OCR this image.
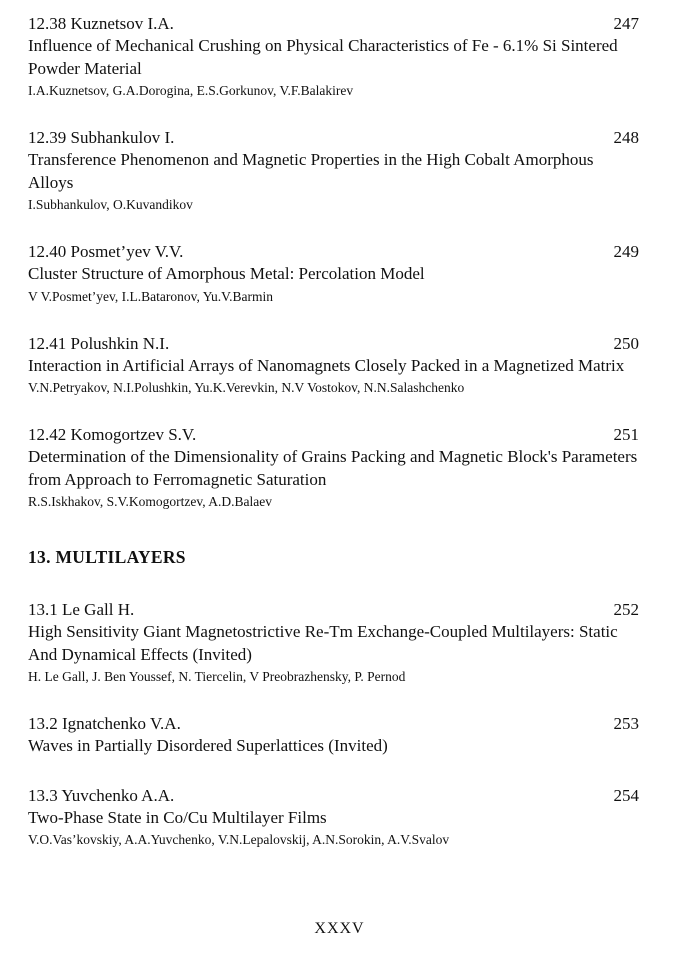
12.38 Kuznetsov I.A.	247
Influence of Mechanical Crushing on Physical Characteristics of Fe - 6.1% Si Sintered Powder Material
I.A.Kuznetsov, G.A.Dorogina, E.S.Gorkunov, V.F.Balakirev
12.39 Subhankulov I.	248
Transference Phenomenon and Magnetic Properties in the High Cobalt Amorphous Alloys
I.Subhankulov, O.Kuvandikov
12.40 Posmet’yev V.V.	249
Cluster Structure of Amorphous Metal: Percolation Model
V V.Posmet’yev, I.L.Bataronov, Yu.V.Barmin
12.41 Polushkin N.I.	250
Interaction in Artificial Arrays of Nanomagnets Closely Packed in a Magnetized Matrix
V.N.Petryakov, N.I.Polushkin, Yu.K.Verevkin, N.V Vostokov, N.N.Salashchenko
12.42 Komogortzev S.V.	251
Determination of the Dimensionality of Grains Packing and Magnetic Block's Parameters from Approach to Ferromagnetic Saturation
R.S.Iskhakov, S.V.Komogortzev, A.D.Balaev
13. MULTILAYERS
13.1 Le Gall H.	252
High Sensitivity Giant Magnetostrictive Re-Tm Exchange-Coupled Multilayers: Static And Dynamical Effects (Invited)
H. Le Gall, J. Ben Youssef, N. Tiercelin, V Preobrazhensky, P. Pernod
13.2 Ignatchenko V.A.	253
Waves in Partially Disordered Superlattices (Invited)
13.3 Yuvchenko A.A.	254
Two-Phase State in Co/Cu Multilayer Films
V.O.Vas’kovskiy, A.A.Yuvchenko, V.N.Lepalovskij, A.N.Sorokin, A.V.Svalov
XXXV
